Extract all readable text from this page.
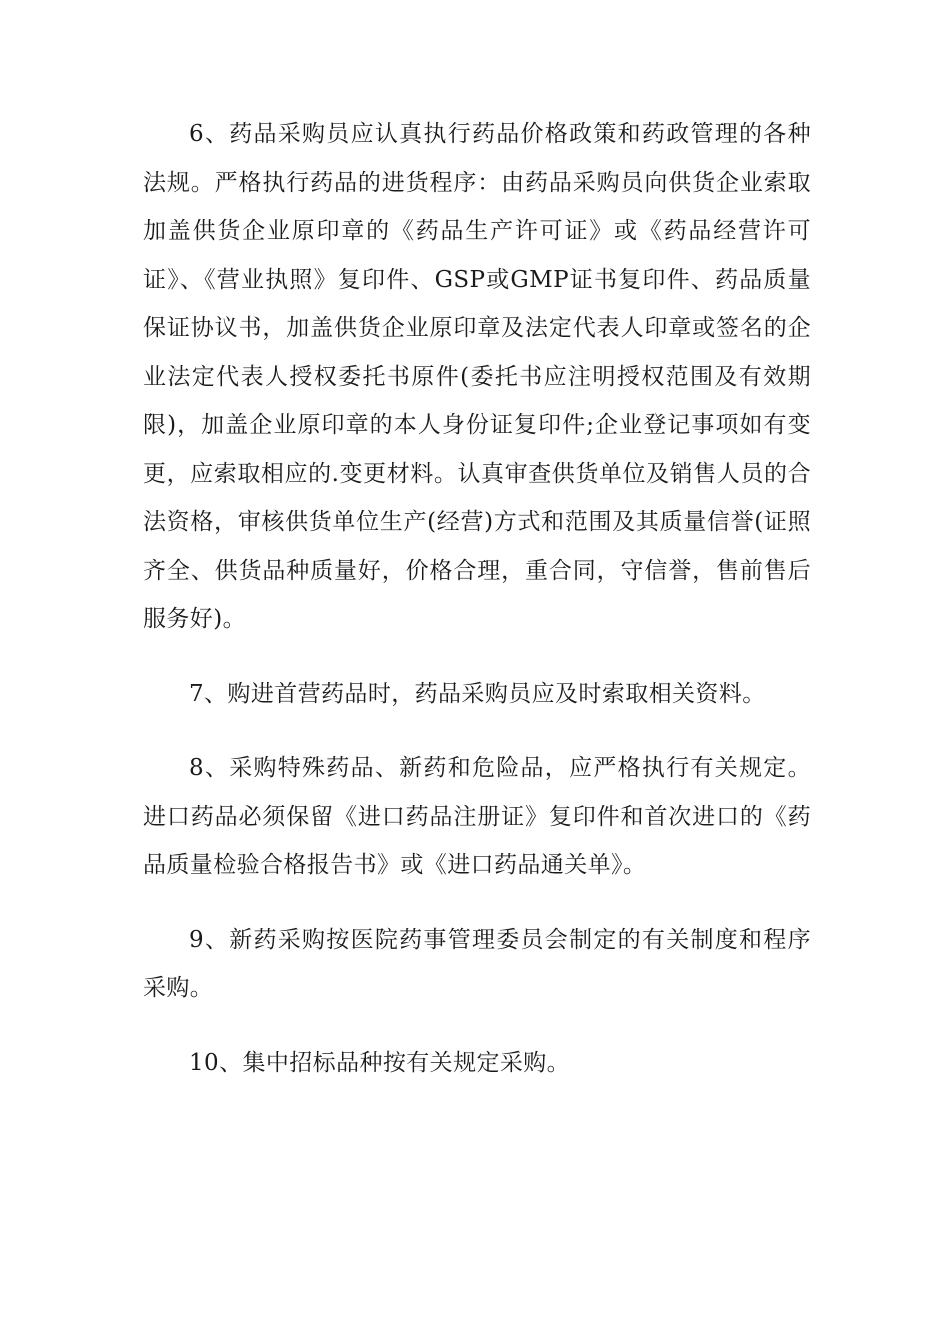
6、药品采购员应认真执行药品价格政策和药政管理的各种法规。严格执行药品的进货程序：由药品采购员向供货企业索取加盖供货企业原印章的《药品生产许可证》或《药品经营许可证》、《营业执照》复印件、GSP或GMP证书复印件、药品质量保证协议书，加盖供货企业原印章及法定代表人印章或签名的企业法定代表人授权委托书原件(委托书应注明授权范围及有效期限)，加盖企业原印章的本人身份证复印件;企业登记事项如有变更，应索取相应的.变更材料。认真审查供货单位及销售人员的合法资格，审核供货单位生产(经营)方式和范围及其质量信誉(证照齐全、供货品种质量好，价格合理，重合同，守信誉，售前售后服务好)。

7、购进首营药品时，药品采购员应及时索取相关资料。

8、采购特殊药品、新药和危险品，应严格执行有关规定。进口药品必须保留《进口药品注册证》复印件和首次进口的《药品质量检验合格报告书》或《进口药品通关单》。

9、新药采购按医院药事管理委员会制定的有关制度和程序采购。

10、集中招标品种按有关规定采购。
